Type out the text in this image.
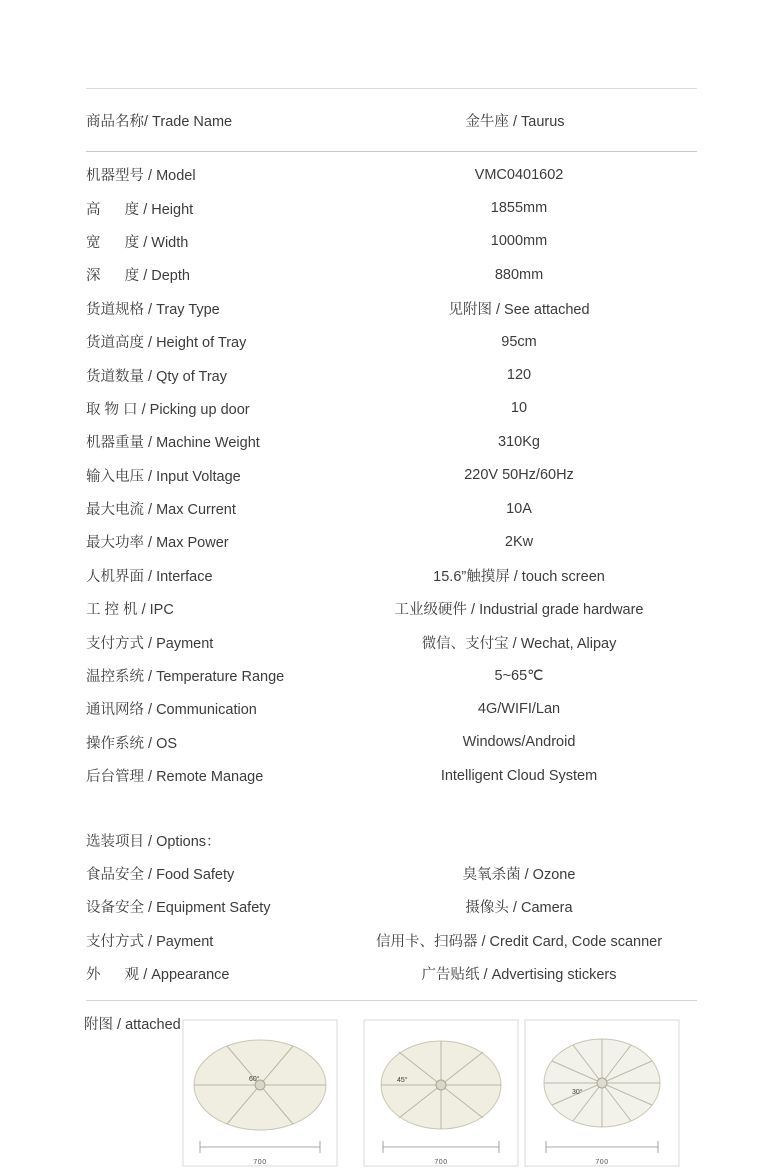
商品名称/ Trade Name	金牛座 / Taurus
机器型号 / Model	VMC0401602
高      度 / Height	1855mm
宽      度 / Width	1000mm
深      度 / Depth	880mm
货道规格 / Tray Type	见附图 / See attached
货道高度 / Height of Tray	95cm
货道数量 / Qty of Tray	120
取 物 口 / Picking up door	10
机器重量 / Machine Weight	310Kg
输入电压 / Input Voltage	220V 50Hz/60Hz
最大电流 / Max Current	10A
最大功率 / Max Power	2Kw
人机界面 / Interface	15.6”触摸屏 / touch screen
工 控 机 / IPC	工业级硬件 / Industrial grade hardware
支付方式 / Payment	微信、支付宝 / Wechat, Alipay
温控系统 / Temperature Range	5~65℃
通讯网络 / Communication	4G/WIFI/Lan
操作系统 / OS	Windows/Android
后台管理 / Remote Manage	Intelligent Cloud System
选装项目 / Options：
食品安全 / Food Safety	臭氧杀菌 / Ozone
设备安全 / Equipment Safety	摄像头 / Camera
支付方式 / Payment	信用卡、扫码器 / Credit Card, Code scanner
外      观 / Appearance	广告贴纸 / Advertising stickers
附图 / attached
60°
700
45°
700
30°
700
